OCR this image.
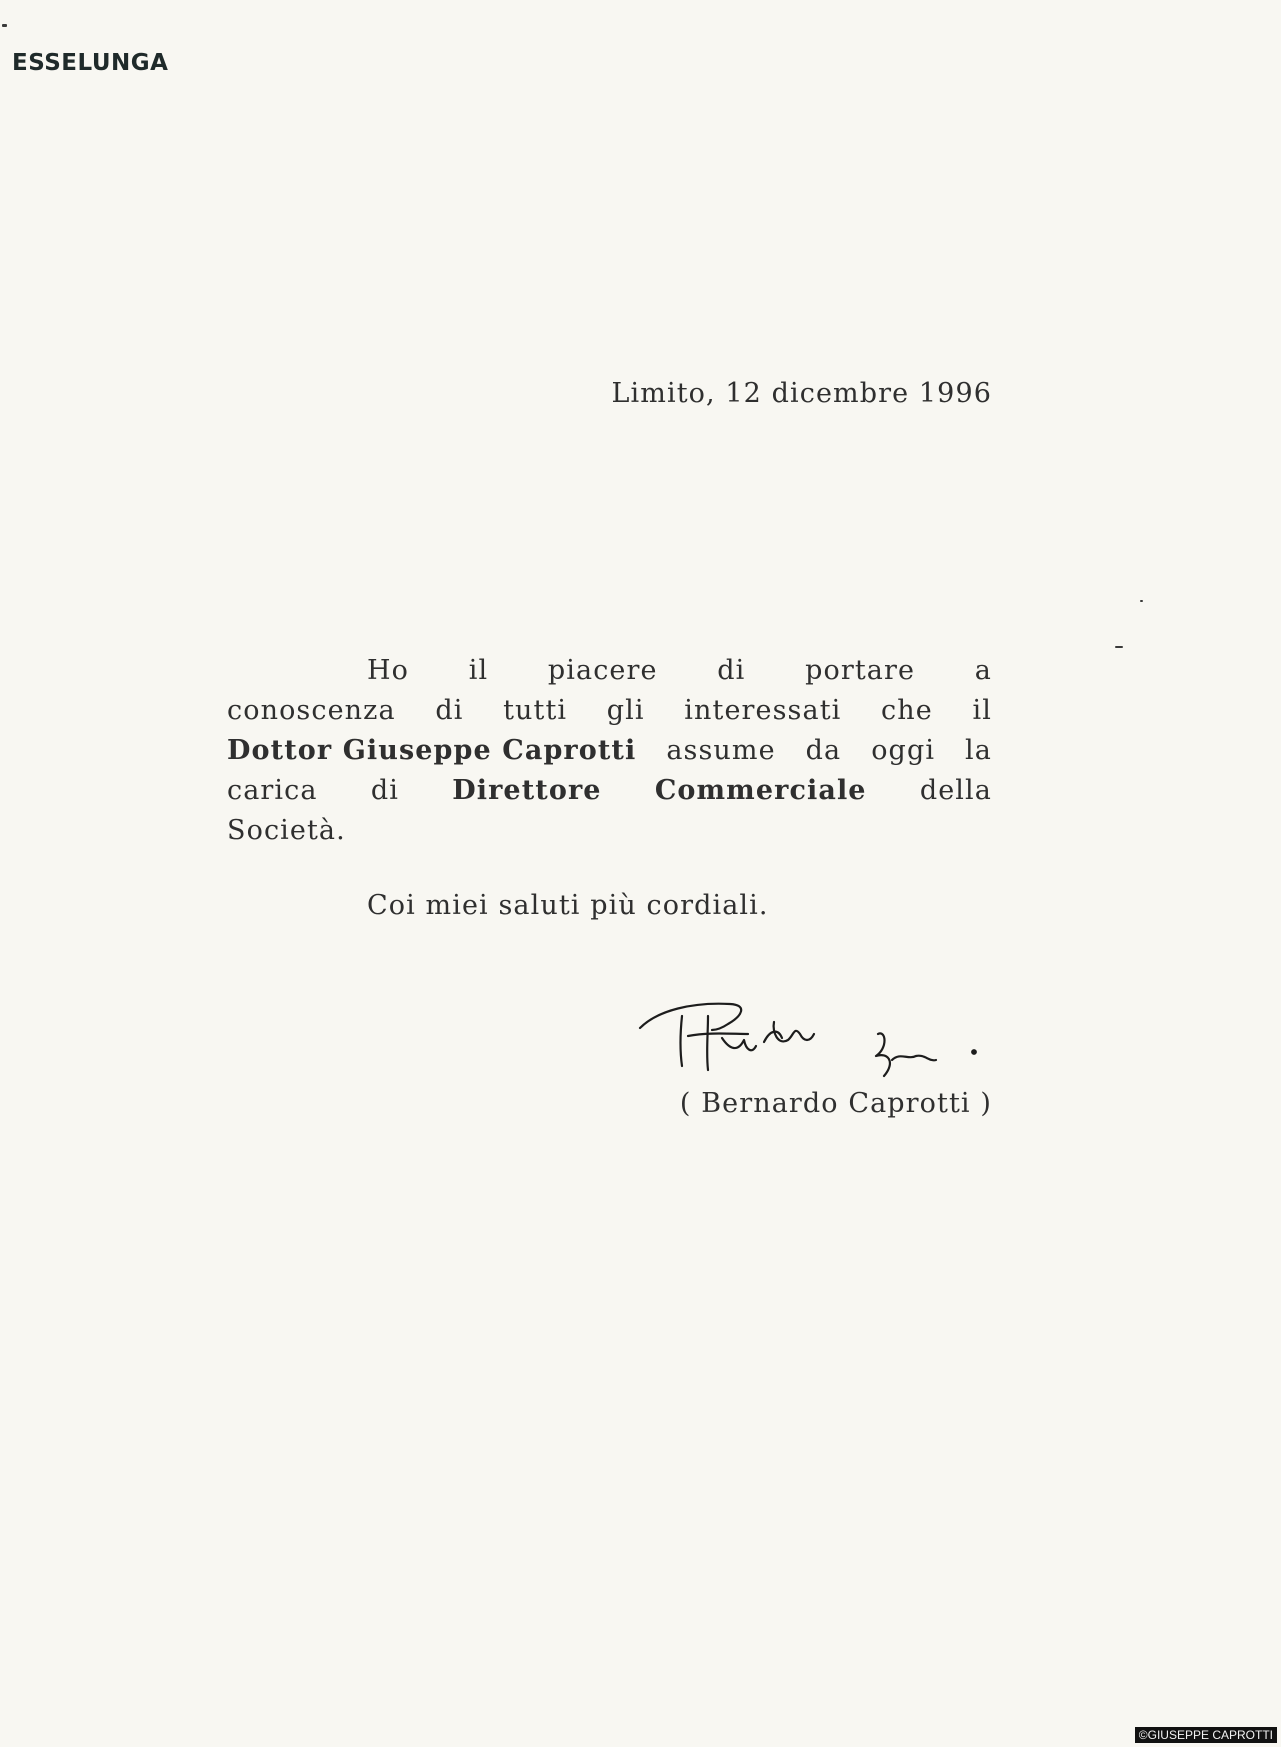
ESSELUNGA
Limito, 12 dicembre 1996
Ho il piacere di portare a
conoscenza di tutti gli interessati che il
Dottor Giuseppe Caprotti assume da oggi la
carica di Direttore Commerciale della
Società.
Coi miei saluti più cordiali.
( Bernardo Caprotti )
©GIUSEPPE CAPROTTI
